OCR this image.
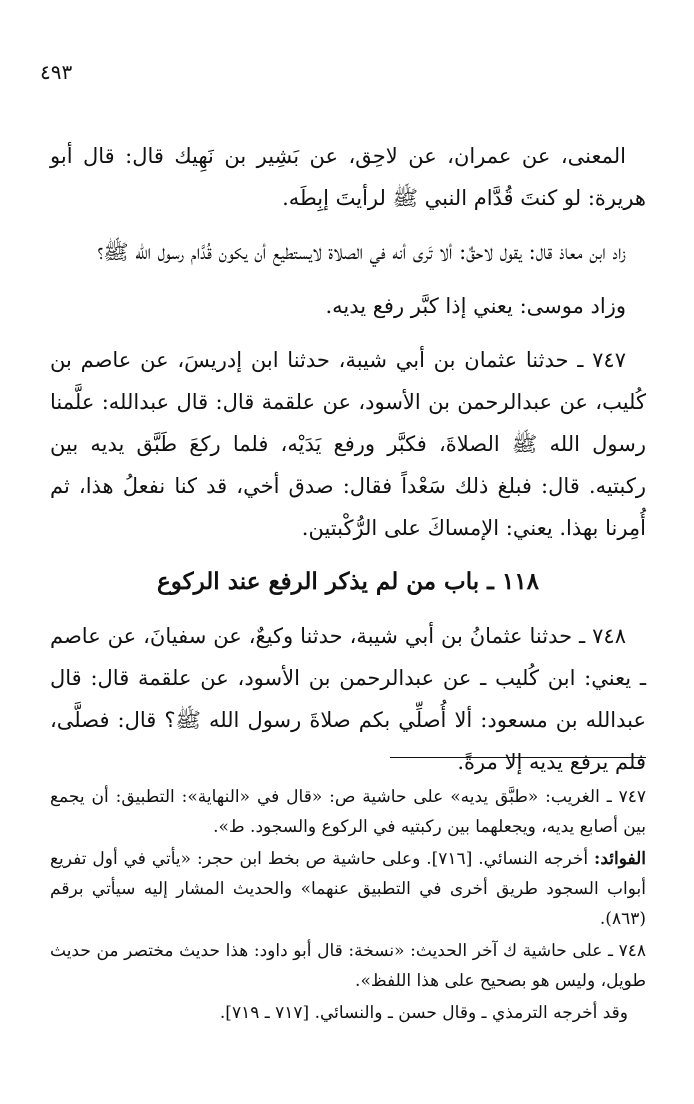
٤٩٣

المعنى، عن عمران، عن لاحِق، عن بَشِير بن نَهِيك قال: قال أبو هريرة: لو كنتَ قُدَّام النبي ﷺ لرأيتَ إبِطَه.

زاد ابن معاذ قال: يقول لاحقٌ: ألا تَرى أنه في الصلاة لايستطيع أن يكون قُدَّام رسول الله ﷺ؟

وزاد موسى: يعني إذا كبَّر رفع يديه.

٧٤٧ ـ حدثنا عثمان بن أبي شيبة، حدثنا ابن إدريسَ، عن عاصم بن كُليب، عن عبدالرحمن بن الأسود، عن علقمة قال: قال عبدالله: علَّمنا رسول الله ﷺ الصلاةَ، فكبَّر ورفع يَدَيْه، فلما ركعَ طَبَّق يديه بين ركبتيه. قال: فبلغ ذلك سَعْداً فقال: صدق أخي، قد كنا نفعلُ هذا، ثم أُمِرنا بهذا. يعني: الإمساكَ على الرُّكْبتين.

١١٨ ـ باب من لم يذكر الرفع عند الركوع

٧٤٨ ـ حدثنا عثمانُ بن أبي شيبة، حدثنا وكيعٌ، عن سفيانَ، عن عاصم ـ يعني: ابن كُليب ـ عن عبدالرحمن بن الأسود، عن علقمة قال: قال عبدالله بن مسعود: ألا أُصلِّي بكم صلاةَ رسول الله ﷺ؟ قال: فصلَّى، فلم يرفع يديه إلا مرةً.

٧٤٧ ـ الغريب: «طبَّق يديه» على حاشية ص: «قال في «النهاية»: التطبيق: أن يجمع بين أصابع يديه، ويجعلهما بين ركبتيه في الركوع والسجود. ط».

الفوائد: أخرجه النسائي. [٧١٦]. وعلى حاشية ص بخط ابن حجر: «يأتي في أول تفريع أبواب السجود طريق أخرى في التطبيق عنهما» والحديث المشار إليه سيأتي برقم (٨٦٣).

٧٤٨ ـ على حاشية ك آخر الحديث: «نسخة: قال أبو داود: هذا حديث مختصر من حديث طويل، وليس هو بصحيح على هذا اللفظ».

وقد أخرجه الترمذي ـ وقال حسن ـ والنسائي. [٧١٧ ـ ٧١٩].
